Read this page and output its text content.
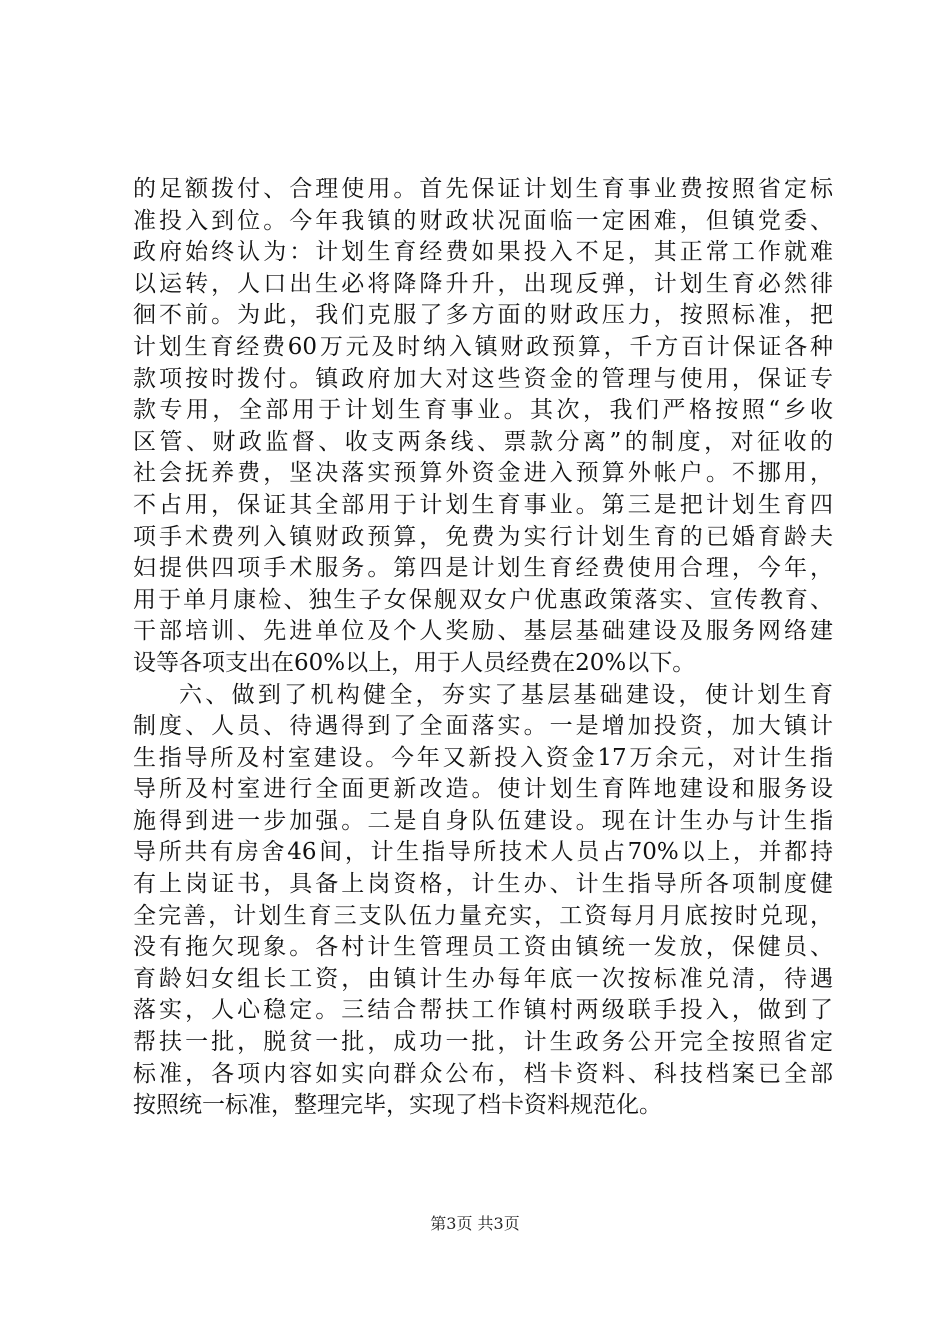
的足额拨付、合理使用。首先保证计划生育事业费按照省定标
准投入到位。今年我镇的财政状况面临一定困难，但镇党委、
政府始终认为：计划生育经费如果投入不足，其正常工作就难
以运转，人口出生必将降降升升，出现反弹，计划生育必然徘
徊不前。为此，我们克服了多方面的财政压力，按照标准，把
计划生育经费60万元及时纳入镇财政预算，千方百计保证各种
款项按时拨付。镇政府加大对这些资金的管理与使用，保证专
款专用，全部用于计划生育事业。其次，我们严格按照“乡收
区管、财政监督、收支两条线、票款分离”的制度，对征收的
社会抚养费，坚决落实预算外资金进入预算外帐户。不挪用，
不占用，保证其全部用于计划生育事业。第三是把计划生育四
项手术费列入镇财政预算，免费为实行计划生育的已婚育龄夫
妇提供四项手术服务。第四是计划生育经费使用合理，今年，
用于单月康检、独生子女保舰双女户优惠政策落实、宣传教育、
干部培训、先进单位及个人奖励、基层基础建设及服务网络建
设等各项支出在60%以上，用于人员经费在20%以下。
六、做到了机构健全，夯实了基层基础建设，使计划生育
制度、人员、待遇得到了全面落实。一是增加投资，加大镇计
生指导所及村室建设。今年又新投入资金17万余元，对计生指
导所及村室进行全面更新改造。使计划生育阵地建设和服务设
施得到进一步加强。二是自身队伍建设。现在计生办与计生指
导所共有房舍46间，计生指导所技术人员占70%以上，并都持
有上岗证书，具备上岗资格，计生办、计生指导所各项制度健
全完善，计划生育三支队伍力量充实，工资每月月底按时兑现，
没有拖欠现象。各村计生管理员工资由镇统一发放，保健员、
育龄妇女组长工资，由镇计生办每年底一次按标准兑清，待遇
落实，人心稳定。三结合帮扶工作镇村两级联手投入，做到了
帮扶一批，脱贫一批，成功一批，计生政务公开完全按照省定
标准，各项内容如实向群众公布，档卡资料、科技档案已全部
按照统一标准，整理完毕，实现了档卡资料规范化。
第3页 共3页
